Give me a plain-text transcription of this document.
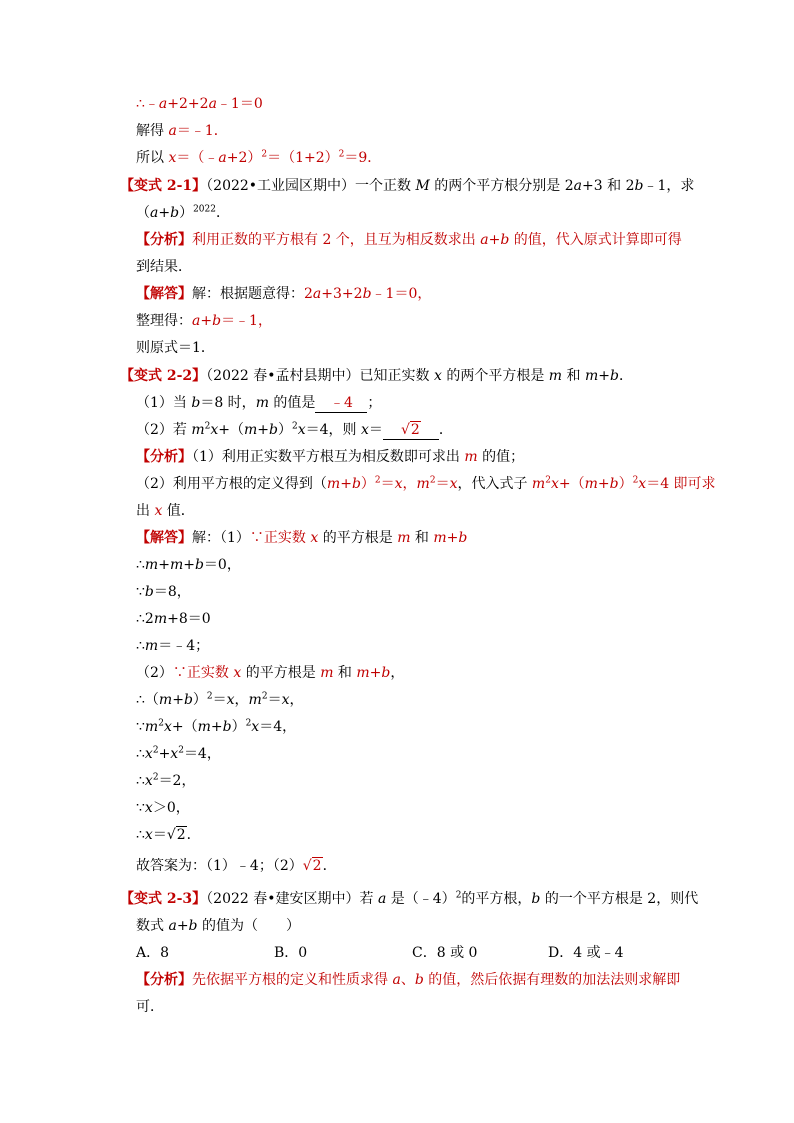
∴﹣a+2+2a﹣1＝0
解得 a＝﹣1．
所以 $x=(﹣a+2)^2=(1+2)^2=9$．
【变式 2-1】（2022•工业园区期中）一个正数 M 的两个平方根分别是 2a+3 和 2b﹣1，求
$(a+b)^{2022}$．
【分析】利用正数的平方根有 2 个，且互为相反数求出 a+b 的值，代入原式计算即可得
到结果．
【解答】解：根据题意得：2a+3+2b﹣1＝0，
整理得：a+b＝﹣1，
则原式＝1．
【变式 2-2】（2022 春•孟村县期中）已知正实数 x 的两个平方根是 m 和 m+b．
（1）当 b＝8 时，m 的值是 ﹣4 ；
（2）若 $m^2x+(m+b)^2x=4$，则 x＝ √2 ．
【分析】（1）利用正实数平方根互为相反数即可求出 m 的值；
（2）利用平方根的定义得到$(m+b)^2=x$，$m^2=x$，代入式子 $m^2x+(m+b)^2x=4$ 即可求
出 x 值．
【解答】解：（1）∵正实数 x 的平方根是 m 和 m+b
∴m+m+b＝0，
∵b＝8，
∴2m+8＝0
∴m＝﹣4；
（2）∵正实数 x 的平方根是 m 和 m+b，
$\therefore(m+b)^2=x$，$m^2=x$，
$\because m^2x+(m+b)^2x=4$，
$\therefore x^2+x^2=4$，
$\therefore x^2=2$，
∵x＞0，
∴x＝√2．
故答案为：（1）﹣4；（2）√2．
【变式 2-3】（2022 春•建安区期中）若 a 是（﹣4）$^2$的平方根，b 的一个平方根是 2，则代
数式 a+b 的值为（　　）
A．8	B．0	C．8 或 0	D．4 或﹣4
【分析】先依据平方根的定义和性质求得 a、b 的值，然后依据有理数的加法法则求解即
可．
